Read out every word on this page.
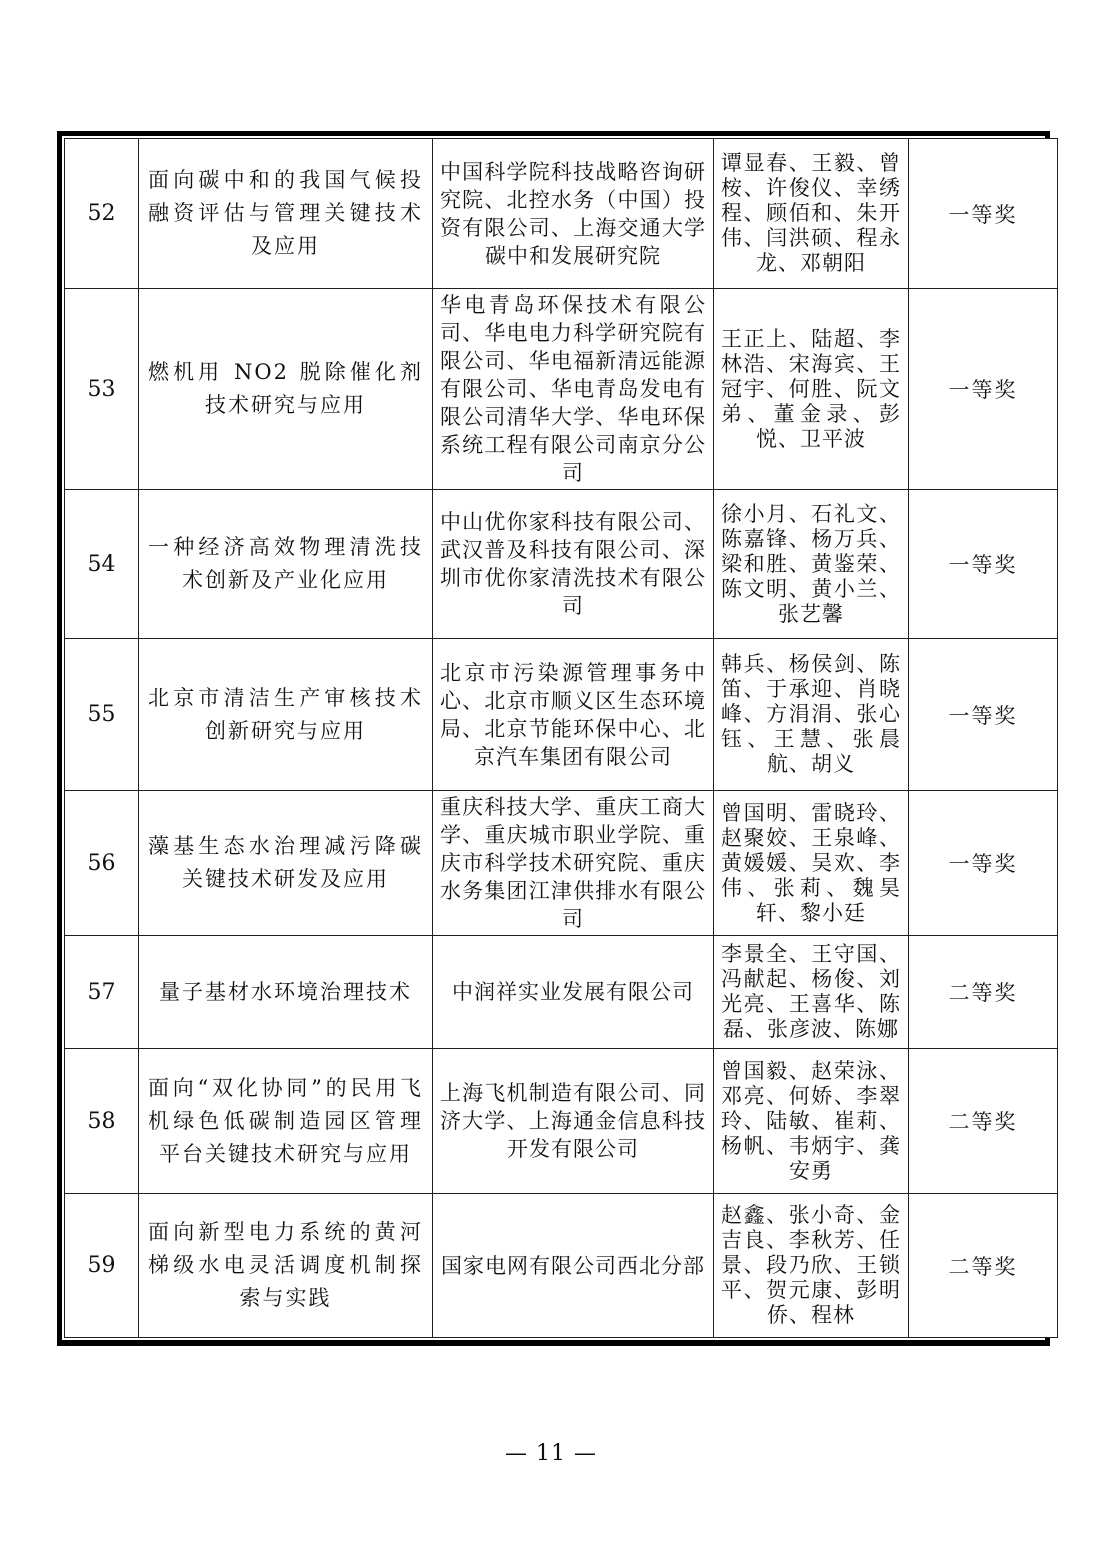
52	面向碳中和的我国气候投融资评估与管理关键技术及应用	中国科学院科技战略咨询研究院、北控水务（中国）投资有限公司、上海交通大学碳中和发展研究院	谭显春、王毅、曾桉、许俊仪、幸绣程、顾佰和、朱开伟、闫洪硕、程永龙、邓朝阳	一等奖
53	燃机用 NO2 脱除催化剂技术研究与应用	华电青岛环保技术有限公司、华电电力科学研究院有限公司、华电福新清远能源有限公司、华电青岛发电有限公司清华大学、华电环保系统工程有限公司南京分公司	王正上、陆超、李林浩、宋海宾、王冠宇、何胜、阮文弟、董金录、彭悦、卫平波	一等奖
54	一种经济高效物理清洗技术创新及产业化应用	中山优你家科技有限公司、武汉普及科技有限公司、深圳市优你家清洗技术有限公司	徐小月、石礼文、陈嘉锋、杨万兵、梁和胜、黄鉴荣、陈文明、黄小兰、张艺馨	一等奖
55	北京市清洁生产审核技术创新研究与应用	北京市污染源管理事务中心、北京市顺义区生态环境局、北京节能环保中心、北京汽车集团有限公司	韩兵、杨侯剑、陈笛、于承迎、肖晓峰、方涓涓、张心钰、王慧、张晨航、胡义	一等奖
56	藻基生态水治理减污降碳关键技术研发及应用	重庆科技大学、重庆工商大学、重庆城市职业学院、重庆市科学技术研究院、重庆水务集团江津供排水有限公司	曾国明、雷晓玲、赵聚姣、王泉峰、黄媛媛、吴欢、李伟、张莉、魏昊轩、黎小廷	一等奖
57	量子基材水环境治理技术	中润祥实业发展有限公司	李景全、王守国、冯献起、杨俊、刘光亮、王喜华、陈磊、张彦波、陈娜	二等奖
58	面向“双化协同”的民用飞机绿色低碳制造园区管理平台关键技术研究与应用	上海飞机制造有限公司、同济大学、上海通金信息科技开发有限公司	曾国毅、赵荣泳、邓亮、何娇、李翠玲、陆敏、崔莉、杨帆、韦炳宇、龚安勇	二等奖
59	面向新型电力系统的黄河梯级水电灵活调度机制探索与实践	国家电网有限公司西北分部	赵鑫、张小奇、金吉良、李秋芳、任景、段乃欣、王锁平、贺元康、彭明侨、程林	二等奖
— 11 —
